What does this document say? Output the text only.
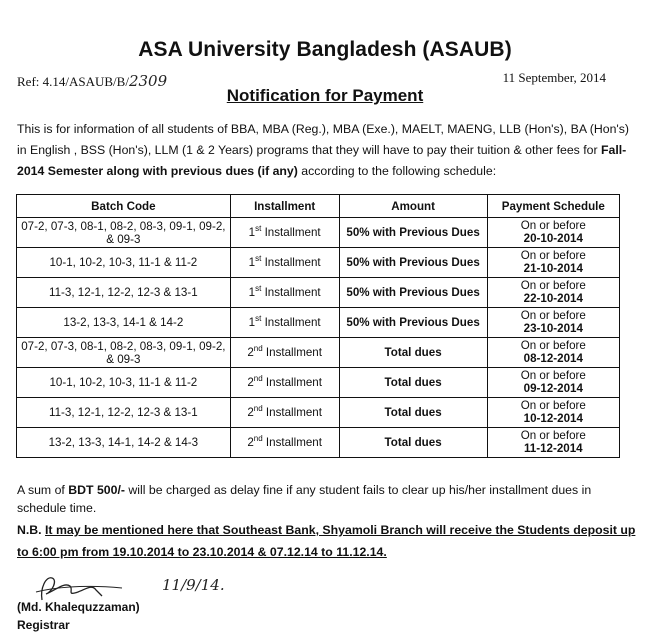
ASA University Bangladesh (ASAUB)
Ref: 4.14/ASAUB/B/2309	11 September, 2014
Notification for Payment
This is for information of all students of BBA, MBA (Reg.), MBA (Exe.), MAELT, MAENG, LLB (Hon's), BA (Hon's) in English , BSS (Hon's), LLM (1 & 2 Years) programs that they will have to pay their tuition & other fees for Fall-2014 Semester along with previous dues (if any) according to the following schedule:
Batch Code	Installment	Amount	Payment Schedule
07-2, 07-3, 08-1, 08-2, 08-3, 09-1, 09-2, & 09-3	1st Installment	50% with Previous Dues	On or before
20-10-2014

10-1, 10-2, 10-3, 11-1 & 11-2	1st Installment	50% with Previous Dues	On or before
21-10-2014

11-3, 12-1, 12-2, 12-3 & 13-1	1st Installment	50% with Previous Dues	On or before
22-10-2014

13-2, 13-3, 14-1 & 14-2	1st Installment	50% with Previous Dues	On or before
23-10-2014

07-2, 07-3, 08-1, 08-2, 08-3, 09-1, 09-2, & 09-3	2nd Installment	Total dues	On or before
08-12-2014

10-1, 10-2, 10-3, 11-1 & 11-2	2nd Installment	Total dues	On or before
09-12-2014

11-3, 12-1, 12-2, 12-3 & 13-1	2nd Installment	Total dues	On or before
10-12-2014

13-2, 13-3, 14-1, 14-2 & 14-3	2nd Installment	Total dues	On or before
11-12-2014
A sum of BDT 500/- will be charged as delay fine if any student fails to clear up his/her installment dues in schedule time.
N.B. It may be mentioned here that Southeast Bank, Shyamoli Branch will receive the Students deposit up to 6:00 pm from 19.10.2014 to 23.10.2014 & 07.12.14 to 11.12.14.
11/9/14.
(Md. Khalequzzaman)
Registrar
